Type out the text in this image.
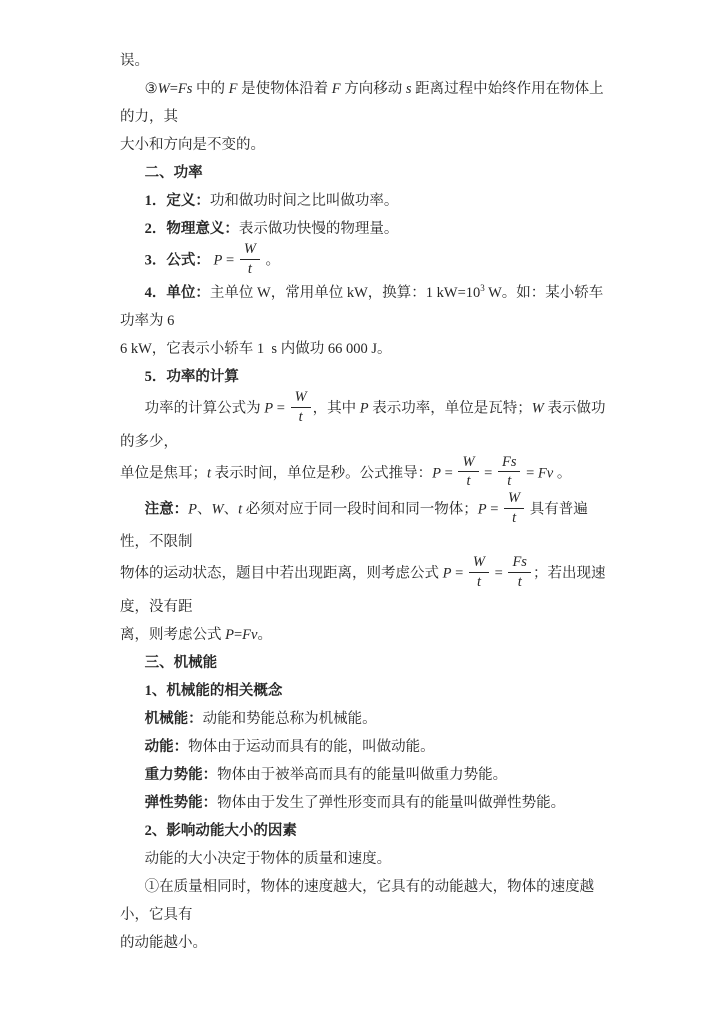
误。

③W=Fs 中的 F 是使物体沿着 F 方向移动 s 距离过程中始终作用在物体上的力，其
大小和方向是不变的。

二、功率

1．定义：功和做功时间之比叫做功率。

2．物理意义：表示做功快慢的物理量。

3．公式： $P = \frac{W}{t}$ 。

4．单位：主单位 W，常用单位 kW，换算：1 $kW=10^3$ W。如：某小轿车功率为 6
6 kW，它表示小轿车 1  s 内做功 66 000 J。

5．功率的计算

功率的计算公式为 $P = \frac{W}{t}$ ，其中 P 表示功率，单位是瓦特；W 表示做功的多少，
单位是焦耳；t 表示时间，单位是秒。公式推导：$P = \frac{W}{t} = \frac{Fs}{t} = Fv$ 。

注意：P、W、t 必须对应于同一段时间和同一物体；$P = \frac{W}{t}$ 具有普遍性，不限制
物体的运动状态，题目中若出现距离，则考虑公式 $P = \frac{W}{t} = \frac{Fs}{t}$ ；若出现速度，没有距
离，则考虑公式 P=Fv。

三、机械能

1、机械能的相关概念

机械能：动能和势能总称为机械能。

动能：物体由于运动而具有的能，叫做动能。

重力势能：物体由于被举高而具有的能量叫做重力势能。

弹性势能：物体由于发生了弹性形变而具有的能量叫做弹性势能。

2、影响动能大小的因素

动能的大小决定于物体的质量和速度。

①在质量相同时，物体的速度越大，它具有的动能越大，物体的速度越小，它具有
的动能越小。
